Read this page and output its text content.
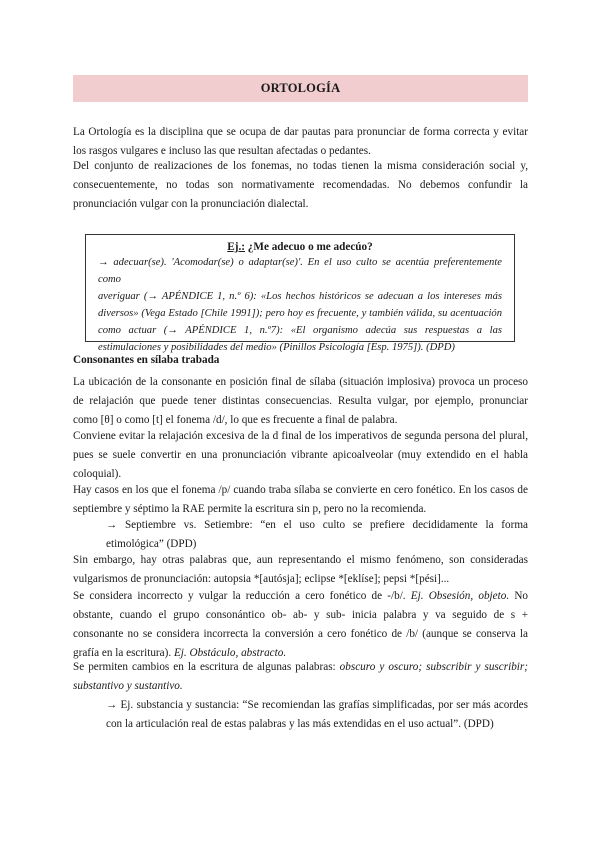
ORTOLOGÍA
La Ortología es la disciplina que se ocupa de dar pautas para pronunciar de forma correcta y evitar
los rasgos vulgares e incluso las que resultan afectadas o pedantes.
Del conjunto de realizaciones de los fonemas, no todas tienen la misma consideración social y,
consecuentemente, no todas son normativamente recomendadas. No debemos confundir la
pronunciación vulgar con la pronunciación dialectal.
Ej.: ¿Me adecuo o me adecúo?
→ adecuar(se). 'Acomodar(se) o adaptar(se)'. En el uso culto se acentúa preferentemente como
averiguar (→ APÉNDICE 1, n.º 6): «Los hechos históricos se adecuan a los intereses más
diversos» (Vega Estado [Chile 1991]); pero hoy es frecuente, y también válida, su acentuación
como actuar (→ APÉNDICE 1, n.º7): «El organismo adecúa sus respuestas a las
estimulaciones y posibilidades del medio» (Pinillos Psicología [Esp. 1975]). (DPD)
Consonantes en sílaba trabada
La ubicación de la consonante en posición final de sílaba (situación implosiva) provoca un proceso
de relajación que puede tener distintas consecuencias. Resulta vulgar, por ejemplo, pronunciar
como [θ] o como [t] el fonema /d/, lo que es frecuente a final de palabra.
Conviene evitar la relajación excesiva de la d final de los imperativos de segunda persona del plural,
pues se suele convertir en una pronunciación vibrante apicoalveolar (muy extendido en el habla
coloquial).
Hay casos en los que el fonema /p/ cuando traba sílaba se convierte en cero fonético. En los casos de
septiembre y séptimo la RAE permite la escritura sin p, pero no la recomienda.
→ Septiembre vs. Setiembre: “en el uso culto se prefiere decididamente la forma
etimológica” (DPD)
Sin embargo, hay otras palabras que, aun representando el mismo fenómeno, son consideradas
vulgarismos de pronunciación: autopsia *[autósja]; eclipse *[eklíse]; pepsi *[pési]...
Se considera incorrecto y vulgar la reducción a cero fonético de -/b/. Ej. Obsesión, objeto. No
obstante, cuando el grupo consonántico ob- ab- y sub- inicia palabra y va seguido de s +
consonante no se considera incorrecta la conversión a cero fonético de /b/ (aunque se conserva la
grafía en la escritura). Ej. Obstáculo, abstracto.
Se permiten cambios en la escritura de algunas palabras: obscuro y oscuro; subscribir y suscribir;
substantivo y sustantivo.
→ Ej. substancia y sustancia: “Se recomiendan las grafías simplificadas, por ser más acordes
con la articulación real de estas palabras y las más extendidas en el uso actual”. (DPD)
